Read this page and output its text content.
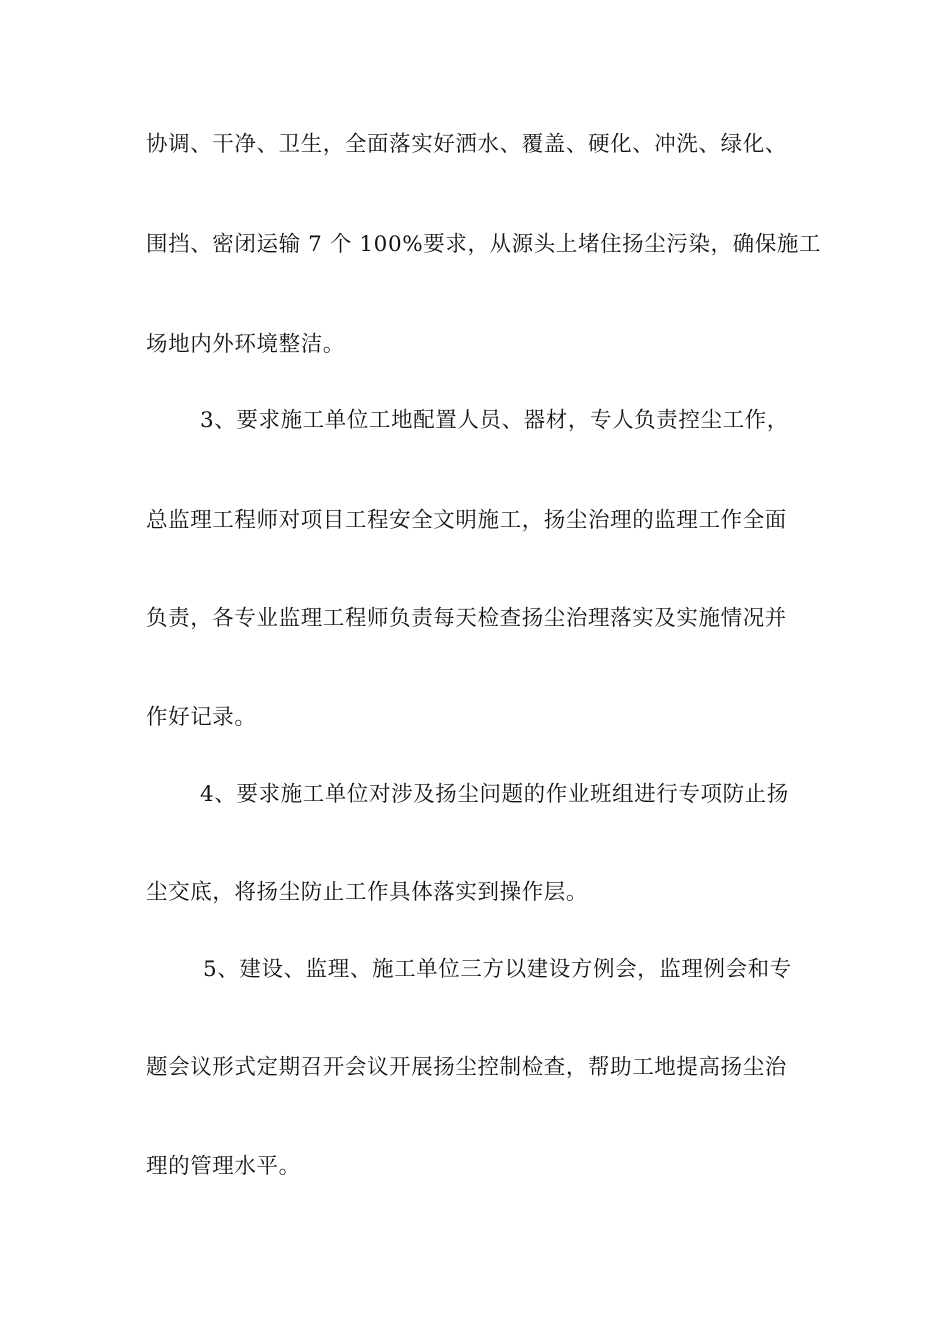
协调、干净、卫生，全面落实好洒水、覆盖、硬化、冲洗、绿化、
围挡、密闭运输 7 个 100%要求，从源头上堵住扬尘污染，确保施工
场地内外环境整洁。
3、要求施工单位工地配置人员、器材，专人负责控尘工作，
总监理工程师对项目工程安全文明施工，扬尘治理的监理工作全面
负责，各专业监理工程师负责每天检查扬尘治理落实及实施情况并
作好记录。
4、要求施工单位对涉及扬尘问题的作业班组进行专项防止扬
尘交底，将扬尘防止工作具体落实到操作层。
5、建设、监理、施工单位三方以建设方例会，监理例会和专
题会议形式定期召开会议开展扬尘控制检查，帮助工地提高扬尘治
理的管理水平。
